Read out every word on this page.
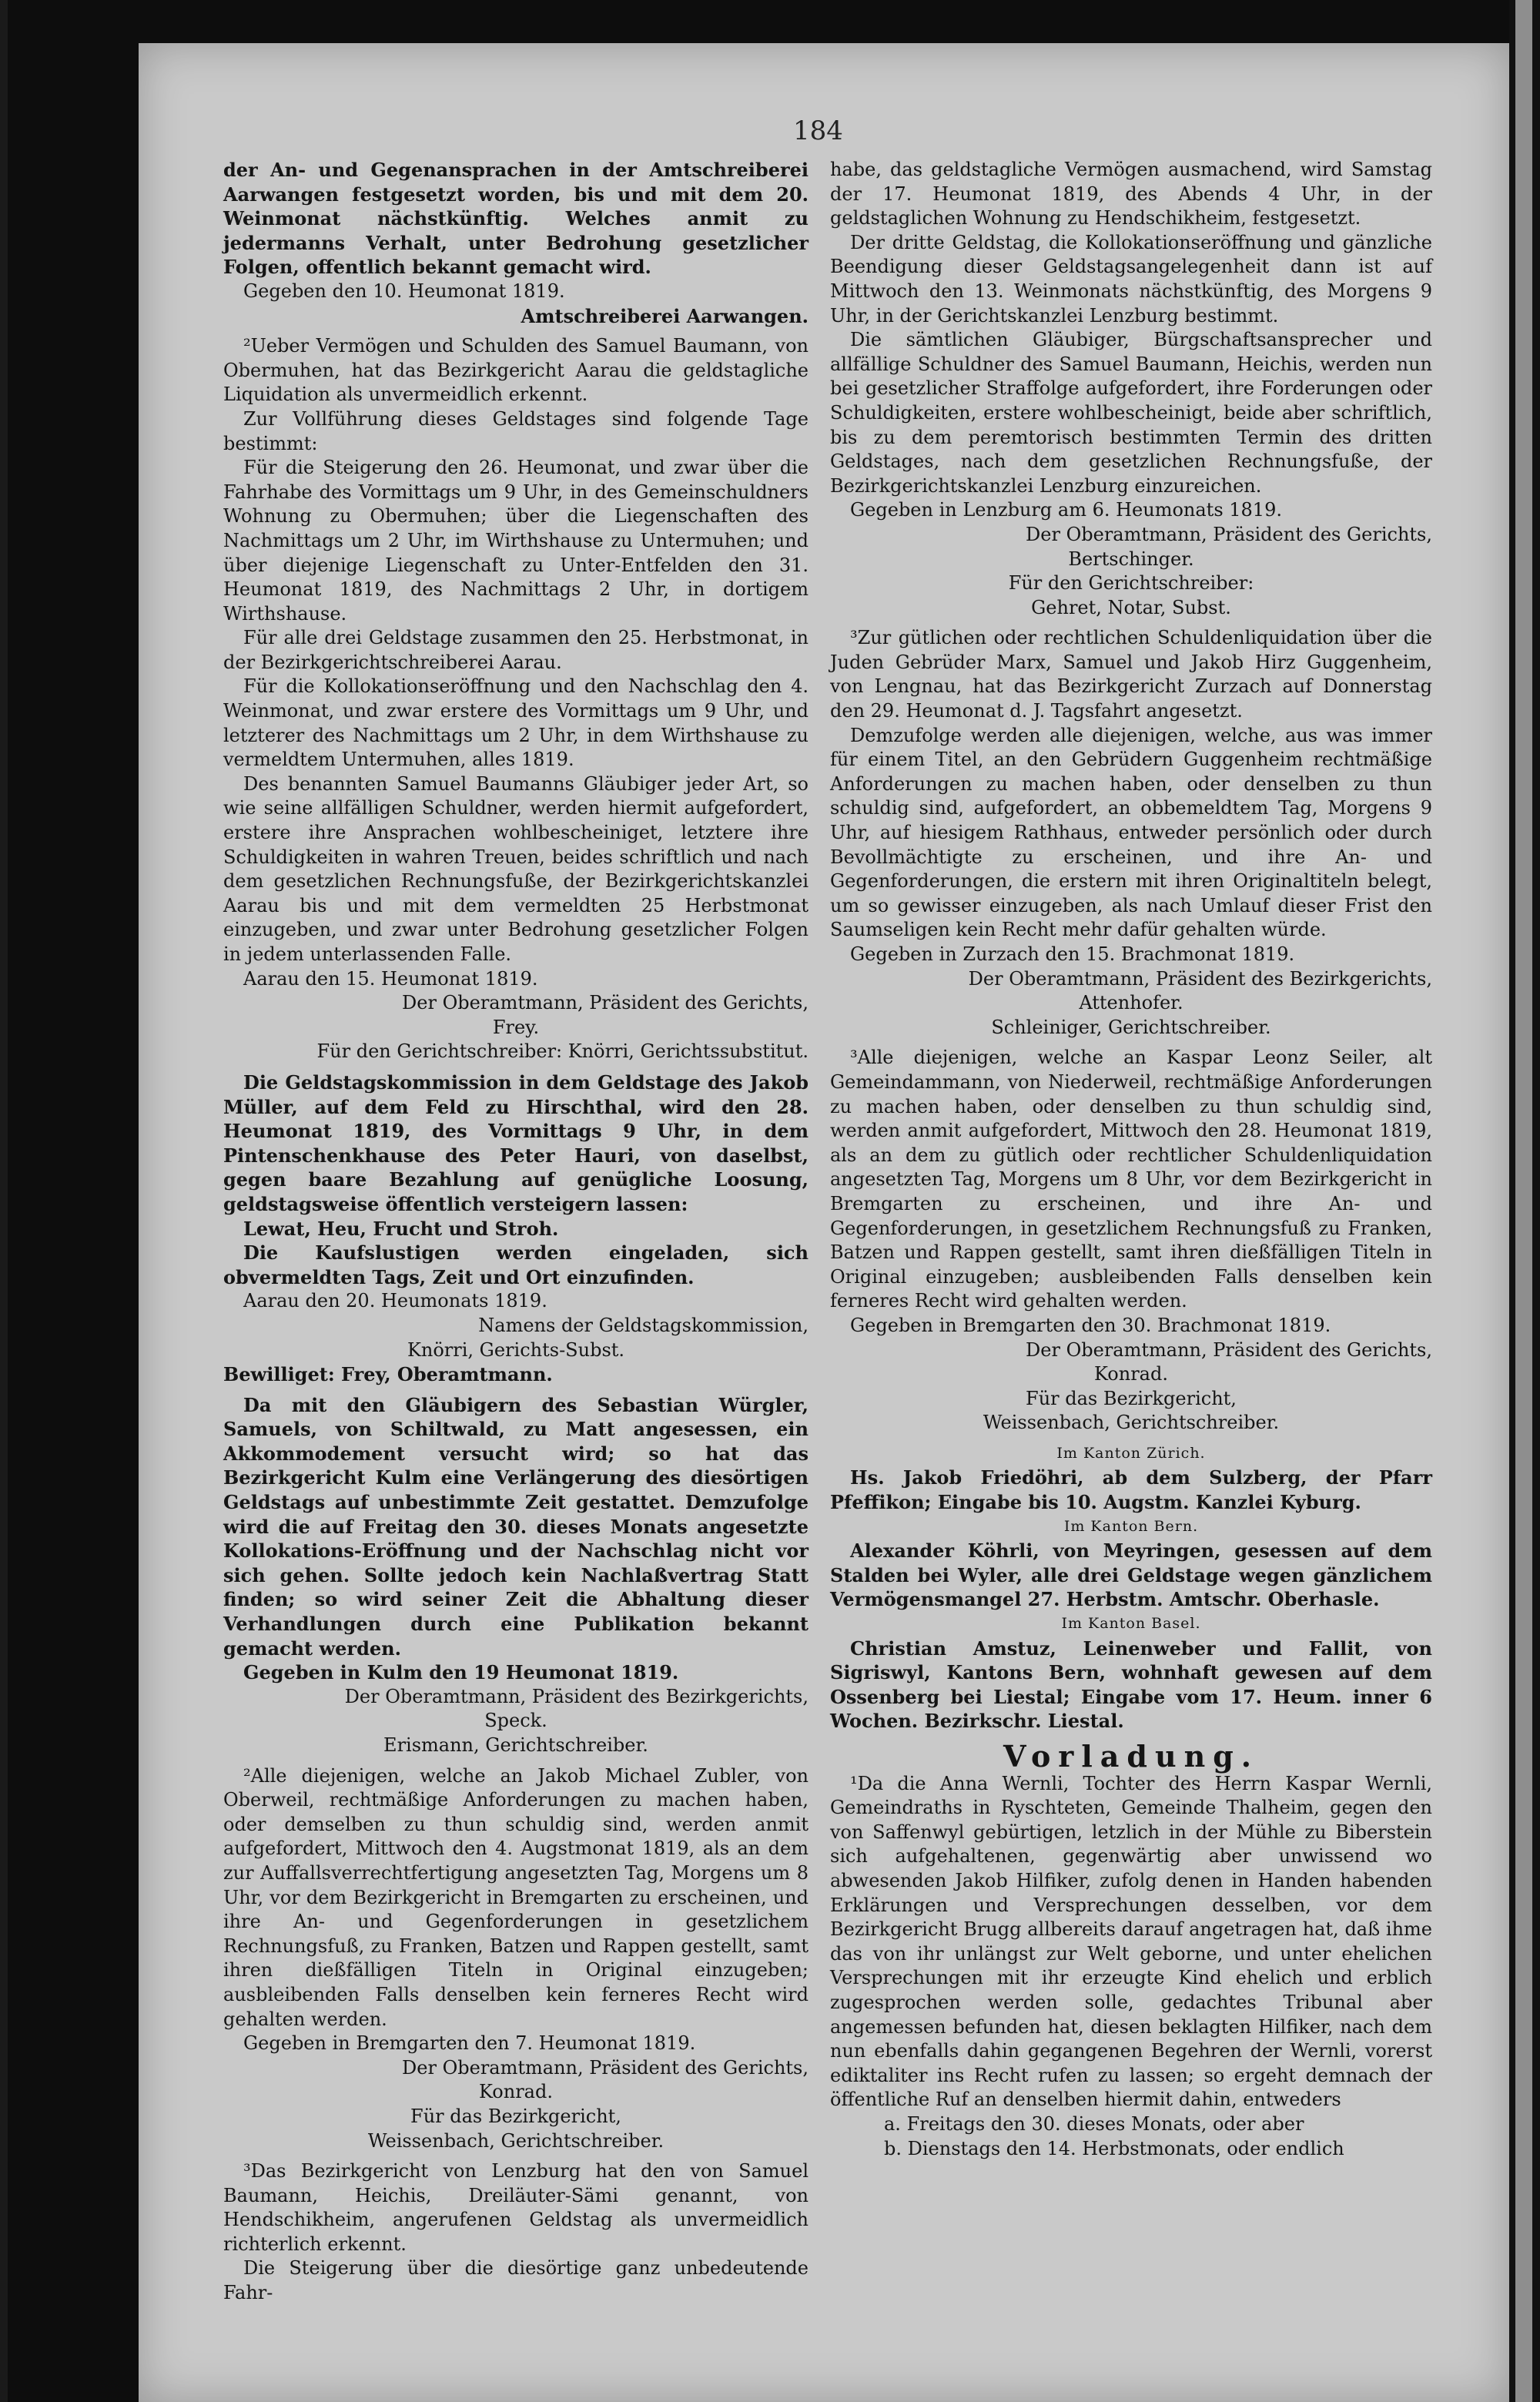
184

der An- und Gegenansprachen in der Amtschreiberei Aarwangen festgesetzt worden, bis und mit dem 20. Weinmonat nächstkünftig. Welches anmit zu jedermanns Verhalt, unter Bedrohung gesetzlicher Folgen, offentlich bekannt gemacht wird.

Gegeben den 10. Heumonat 1819.

Amtschreiberei Aarwangen.

²Ueber Vermögen und Schulden des Samuel Baumann, von Obermuhen, hat das Bezirkgericht Aarau die geldstagliche Liquidation als unvermeidlich erkennt.

Zur Vollführung dieses Geldstages sind folgende Tage bestimmt:

Für die Steigerung den 26. Heumonat, und zwar über die Fahrhabe des Vormittags um 9 Uhr, in des Gemeinschuldners Wohnung zu Obermuhen; über die Liegenschaften des Nachmittags um 2 Uhr, im Wirthshause zu Untermuhen; und über diejenige Liegenschaft zu Unter-Entfelden den 31. Heumonat 1819, des Nachmittags 2 Uhr, in dortigem Wirthshause.

Für alle drei Geldstage zusammen den 25. Herbstmonat, in der Bezirkgerichtschreiberei Aarau.

Für die Kollokationseröffnung und den Nachschlag den 4. Weinmonat, und zwar erstere des Vormittags um 9 Uhr, und letzterer des Nachmittags um 2 Uhr, in dem Wirthshause zu vermeldtem Untermuhen, alles 1819.

Des benannten Samuel Baumanns Gläubiger jeder Art, so wie seine allfälligen Schuldner, werden hiermit aufgefordert, erstere ihre Ansprachen wohlbescheiniget, letztere ihre Schuldigkeiten in wahren Treuen, beides schriftlich und nach dem gesetzlichen Rechnungsfuße, der Bezirkgerichtskanzlei Aarau bis und mit dem vermeldten 25 Herbstmonat einzugeben, und zwar unter Bedrohung gesetzlicher Folgen in jedem unterlassenden Falle.

Aarau den 15. Heumonat 1819.

Der Oberamtmann, Präsident des Gerichts,

Frey.

Für den Gerichtschreiber: Knörri, Gerichtssubstitut.

Die Geldstagskommission in dem Geldstage des Jakob Müller, auf dem Feld zu Hirschthal, wird den 28. Heumonat 1819, des Vormittags 9 Uhr, in dem Pintenschenkhause des Peter Hauri, von daselbst, gegen baare Bezahlung auf genügliche Loosung, geldstagsweise öffentlich versteigern lassen:

Lewat, Heu, Frucht und Stroh.

Die Kaufslustigen werden eingeladen, sich obvermeldten Tags, Zeit und Ort einzufinden.

Aarau den 20. Heumonats 1819.

Namens der Geldstagskommission,

Knörri, Gerichts-Subst.

Bewilliget: Frey, Oberamtmann.

Da mit den Gläubigern des Sebastian Würgler, Samuels, von Schiltwald, zu Matt angesessen, ein Akkommodement versucht wird; so hat das Bezirkgericht Kulm eine Verlängerung des diesörtigen Geldstags auf unbestimmte Zeit gestattet. Demzufolge wird die auf Freitag den 30. dieses Monats angesetzte Kollokations-Eröffnung und der Nachschlag nicht vor sich gehen. Sollte jedoch kein Nachlaßvertrag Statt finden; so wird seiner Zeit die Abhaltung dieser Verhandlungen durch eine Publikation bekannt gemacht werden.

Gegeben in Kulm den 19 Heumonat 1819.

Der Oberamtmann, Präsident des Bezirkgerichts,

Speck.

Erismann, Gerichtschreiber.

²Alle diejenigen, welche an Jakob Michael Zubler, von Oberweil, rechtmäßige Anforderungen zu machen haben, oder demselben zu thun schuldig sind, werden anmit aufgefordert, Mittwoch den 4. Augstmonat 1819, als an dem zur Auffallsverrechtfertigung angesetzten Tag, Morgens um 8 Uhr, vor dem Bezirkgericht in Bremgarten zu erscheinen, und ihre An- und Gegenforderungen in gesetzlichem Rechnungsfuß, zu Franken, Batzen und Rappen gestellt, samt ihren dießfälligen Titeln in Original einzugeben; ausbleibenden Falls denselben kein ferneres Recht wird gehalten werden.

Gegeben in Bremgarten den 7. Heumonat 1819.

Der Oberamtmann, Präsident des Gerichts,

Konrad.

Für das Bezirkgericht,

Weissenbach, Gerichtschreiber.

³Das Bezirkgericht von Lenzburg hat den von Samuel Baumann, Heichis, Dreiläuter-Sämi genannt, von Hendschikheim, angerufenen Geldstag als unvermeidlich richterlich erkennt.

Die Steigerung über die diesörtige ganz unbedeutende Fahr-

habe, das geldstagliche Vermögen ausmachend, wird Samstag der 17. Heumonat 1819, des Abends 4 Uhr, in der geldstaglichen Wohnung zu Hendschikheim, festgesetzt.

Der dritte Geldstag, die Kollokationseröffnung und gänzliche Beendigung dieser Geldstagsangelegenheit dann ist auf Mittwoch den 13. Weinmonats nächstkünftig, des Morgens 9 Uhr, in der Gerichtskanzlei Lenzburg bestimmt.

Die sämtlichen Gläubiger, Bürgschaftsansprecher und allfällige Schuldner des Samuel Baumann, Heichis, werden nun bei gesetzlicher Straffolge aufgefordert, ihre Forderungen oder Schuldigkeiten, erstere wohlbescheinigt, beide aber schriftlich, bis zu dem peremtorisch bestimmten Termin des dritten Geldstages, nach dem gesetzlichen Rechnungsfuße, der Bezirkgerichtskanzlei Lenzburg einzureichen.

Gegeben in Lenzburg am 6. Heumonats 1819.

Der Oberamtmann, Präsident des Gerichts,

Bertschinger.

Für den Gerichtschreiber:

Gehret, Notar, Subst.

³Zur gütlichen oder rechtlichen Schuldenliquidation über die Juden Gebrüder Marx, Samuel und Jakob Hirz Guggenheim, von Lengnau, hat das Bezirkgericht Zurzach auf Donnerstag den 29. Heumonat d. J. Tagsfahrt angesetzt.

Demzufolge werden alle diejenigen, welche, aus was immer für einem Titel, an den Gebrüdern Guggenheim rechtmäßige Anforderungen zu machen haben, oder denselben zu thun schuldig sind, aufgefordert, an obbemeldtem Tag, Morgens 9 Uhr, auf hiesigem Rathhaus, entweder persönlich oder durch Bevollmächtigte zu erscheinen, und ihre An- und Gegenforderungen, die erstern mit ihren Originaltiteln belegt, um so gewisser einzugeben, als nach Umlauf dieser Frist den Saumseligen kein Recht mehr dafür gehalten würde.

Gegeben in Zurzach den 15. Brachmonat 1819.

Der Oberamtmann, Präsident des Bezirkgerichts,

Attenhofer.

Schleiniger, Gerichtschreiber.

³Alle diejenigen, welche an Kaspar Leonz Seiler, alt Gemeindammann, von Niederweil, rechtmäßige Anforderungen zu machen haben, oder denselben zu thun schuldig sind, werden anmit aufgefordert, Mittwoch den 28. Heumonat 1819, als an dem zu gütlich oder rechtlicher Schuldenliquidation angesetzten Tag, Morgens um 8 Uhr, vor dem Bezirkgericht in Bremgarten zu erscheinen, und ihre An- und Gegenforderungen, in gesetzlichem Rechnungsfuß zu Franken, Batzen und Rappen gestellt, samt ihren dießfälligen Titeln in Original einzugeben; ausbleibenden Falls denselben kein ferneres Recht wird gehalten werden.

Gegeben in Bremgarten den 30. Brachmonat 1819.

Der Oberamtmann, Präsident des Gerichts,

Konrad.

Für das Bezirkgericht,

Weissenbach, Gerichtschreiber.

Im Kanton Zürich.

Hs. Jakob Friedöhri, ab dem Sulzberg, der Pfarr Pfeffikon; Eingabe bis 10. Augstm. Kanzlei Kyburg.

Im Kanton Bern.

Alexander Köhrli, von Meyringen, gesessen auf dem Stalden bei Wyler, alle drei Geldstage wegen gänzlichem Vermögensmangel 27. Herbstm. Amtschr. Oberhasle.

Im Kanton Basel.

Christian Amstuz, Leinenweber und Fallit, von Sigriswyl, Kantons Bern, wohnhaft gewesen auf dem Ossenberg bei Liestal; Eingabe vom 17. Heum. inner 6 Wochen. Bezirkschr. Liestal.

Vorladung.

¹Da die Anna Wernli, Tochter des Herrn Kaspar Wernli, Gemeindraths in Ryschteten, Gemeinde Thalheim, gegen den von Saffenwyl gebürtigen, letzlich in der Mühle zu Biberstein sich aufgehaltenen, gegenwärtig aber unwissend wo abwesenden Jakob Hilfiker, zufolg denen in Handen habenden Erklärungen und Versprechungen desselben, vor dem Bezirkgericht Brugg allbereits darauf angetragen hat, daß ihme das von ihr unlängst zur Welt geborne, und unter ehelichen Versprechungen mit ihr erzeugte Kind ehelich und erblich zugesprochen werden solle, gedachtes Tribunal aber angemessen befunden hat, diesen beklagten Hilfiker, nach dem nun ebenfalls dahin gegangenen Begehren der Wernli, vorerst ediktaliter ins Recht rufen zu lassen; so ergeht demnach der öffentliche Ruf an denselben hiermit dahin, entweders

a. Freitags den 30. dieses Monats, oder aber

b. Dienstags den 14. Herbstmonats, oder endlich
